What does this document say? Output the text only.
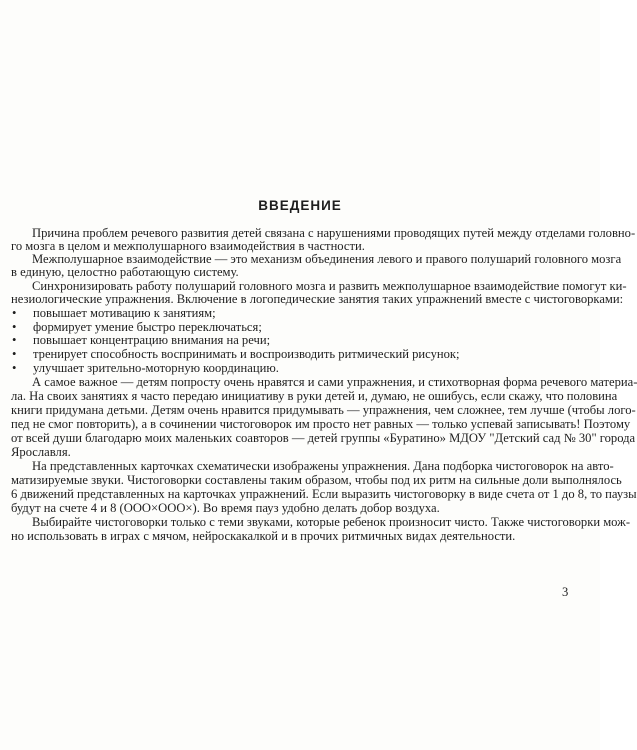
ВВЕДЕНИЕ
Причина проблем речевого развития детей связана с нарушениями проводящих путей между отделами головно-
го мозга в целом и межполушарного взаимодействия в частности.
Межполушарное взаимодействие — это механизм объединения левого и правого полушарий головного мозга
в единую, целостно работающую систему.
Синхронизировать работу полушарий головного мозга и развить межполушарное взаимодействие помогут ки-
незиологические упражнения. Включение в логопедические занятия таких упражнений вместе с чистоговорками:
• повышает мотивацию к занятиям;
• формирует умение быстро переключаться;
• повышает концентрацию внимания на речи;
• тренирует способность воспринимать и воспроизводить ритмический рисунок;
• улучшает зрительно-моторную координацию.
А самое важное — детям попросту очень нравятся и сами упражнения, и стихотворная форма речевого материа-
ла. На своих занятиях я часто передаю инициативу в руки детей и, думаю, не ошибусь, если скажу, что половина
книги придумана детьми. Детям очень нравится придумывать — упражнения, чем сложнее, тем лучше (чтобы лого-
пед не смог повторить), а в сочинении чистоговорок им просто нет равных — только успевай записывать! Поэтому
от всей души благодарю моих маленьких соавторов — детей группы «Буратино» МДОУ "Детский сад № 30" города
Ярославля.
На представленных карточках схематически изображены упражнения. Дана подборка чистоговорок на авто-
матизируемые звуки. Чистоговорки составлены таким образом, чтобы под их ритм на сильные доли выполнялось
6 движений представленных на карточках упражнений. Если выразить чистоговорку в виде счета от 1 до 8, то паузы
будут на счете 4 и 8 (ООО×ООО×). Во время пауз удобно делать добор воздуха.
Выбирайте чистоговорки только с теми звуками, которые ребенок произносит чисто. Также чистоговорки мож-
но использовать в играх с мячом, нейроскакалкой и в прочих ритмичных видах деятельности.
3
